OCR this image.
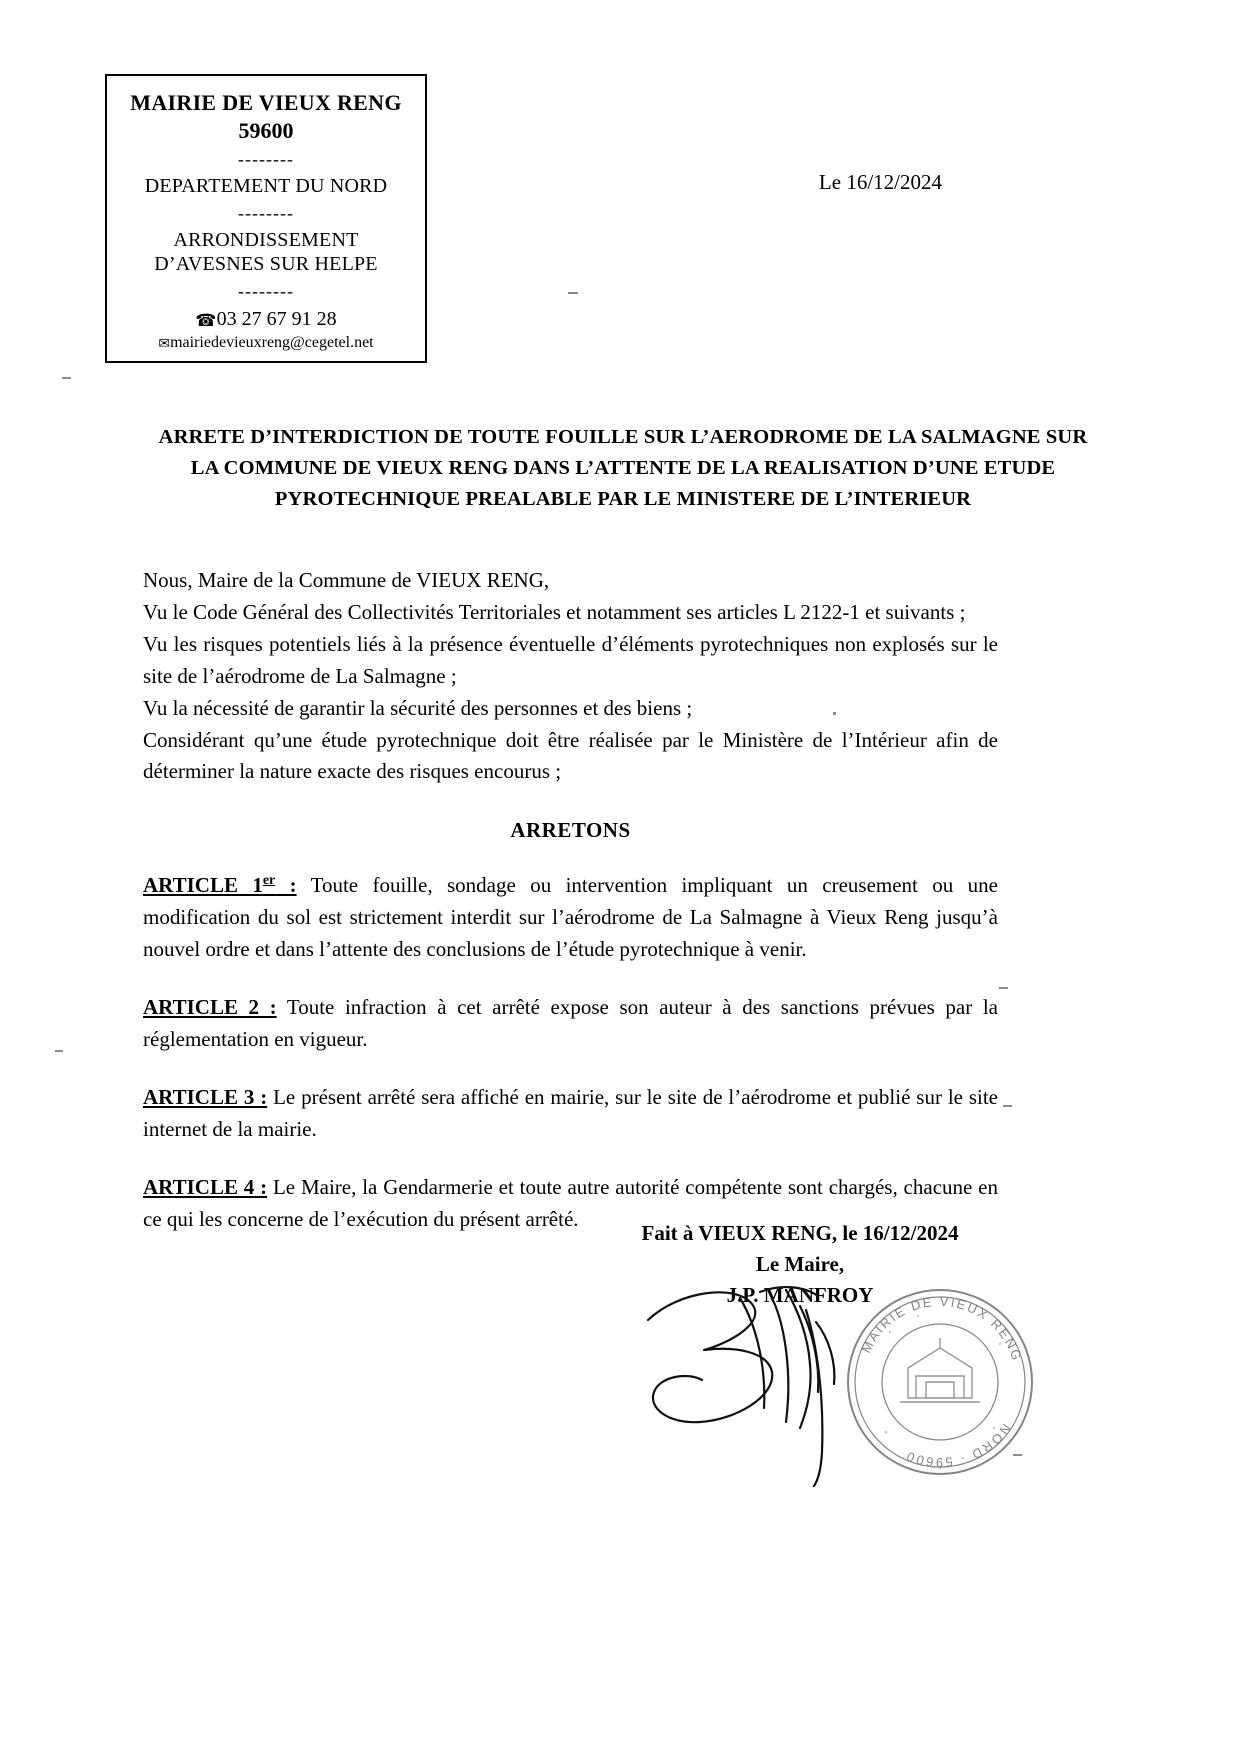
MAIRIE DE VIEUX RENG
59600
--------
DEPARTEMENT DU NORD
--------
ARRONDISSEMENT
D’AVESNES SUR HELPE
--------
☎03 27 67 91 28
✉mairiedevieuxreng@cegetel.net
Le 16/12/2024
ARRETE D’INTERDICTION DE TOUTE FOUILLE SUR L’AERODROME DE LA SALMAGNE SUR LA COMMUNE DE VIEUX RENG DANS L’ATTENTE DE LA REALISATION D’UNE ETUDE PYROTECHNIQUE PREALABLE PAR LE MINISTERE DE L’INTERIEUR
Nous, Maire de la Commune de VIEUX RENG,
Vu le Code Général des Collectivités Territoriales et notamment ses articles L 2122-1 et suivants ;
Vu les risques potentiels liés à la présence éventuelle d’éléments pyrotechniques non explosés sur le site de l’aérodrome de La Salmagne ;
Vu la nécessité de garantir la sécurité des personnes et des biens ;
Considérant qu’une étude pyrotechnique doit être réalisée par le Ministère de l’Intérieur afin de déterminer la nature exacte des risques encourus ;
ARRETONS
ARTICLE 1er : Toute fouille, sondage ou intervention impliquant un creusement ou une modification du sol est strictement interdit sur l’aérodrome de La Salmagne à Vieux Reng jusqu’à nouvel ordre et dans l’attente des conclusions de l’étude pyrotechnique à venir.
ARTICLE 2 : Toute infraction à cet arrêté expose son auteur à des sanctions prévues par la réglementation en vigueur.
ARTICLE 3 : Le présent arrêté sera affiché en mairie, sur le site de l’aérodrome et publié sur le site internet de la mairie.
ARTICLE 4 : Le Maire, la Gendarmerie et toute autre autorité compétente sont chargés, chacune en ce qui les concerne de l’exécution du présent arrêté.
Fait à VIEUX RENG, le 16/12/2024
Le Maire,
J.P. MANFROY
MAIRIE DE VIEUX RENG
NORD · 59600
